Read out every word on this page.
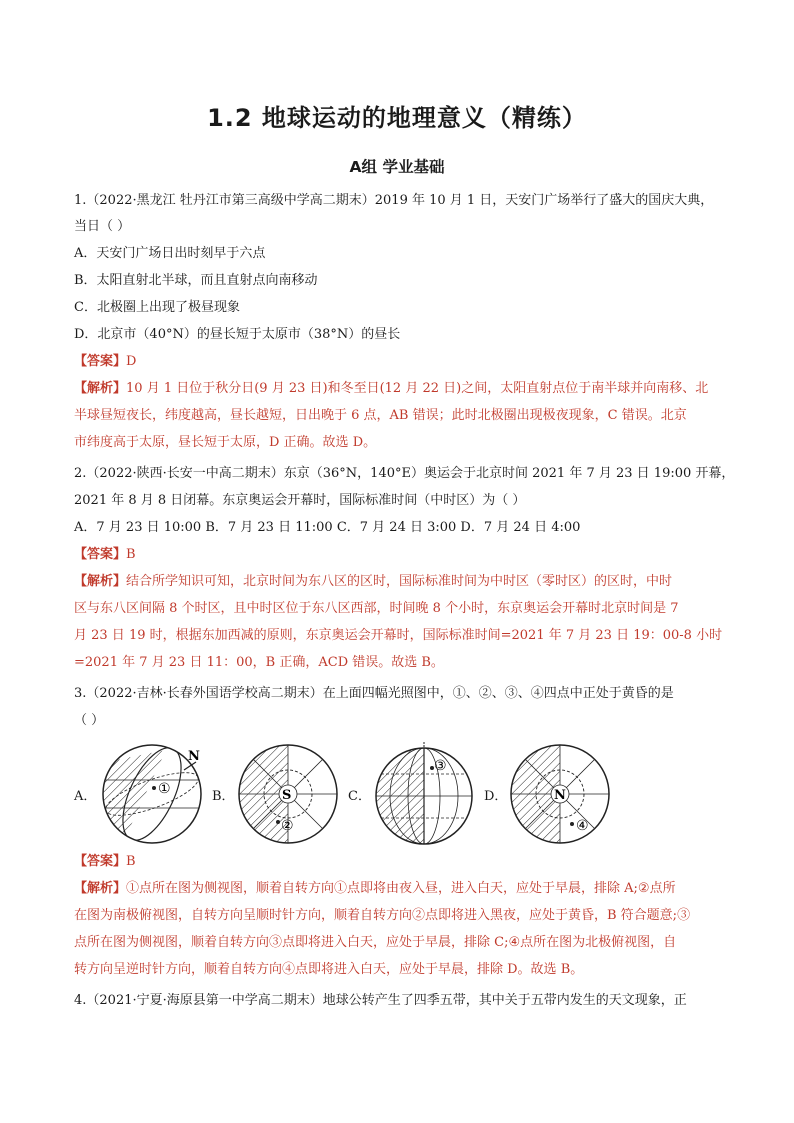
1.2 地球运动的地理意义（精练）
A组 学业基础
1.（2022·黑龙江 牡丹江市第三高级中学高二期末）2019 年 10 月 1 日，天安门广场举行了盛大的国庆大典，
当日（ ）
A．天安门广场日出时刻早于六点
B．太阳直射北半球，而且直射点向南移动
C．北极圈上出现了极昼现象
D．北京市（40°N）的昼长短于太原市（38°N）的昼长
【答案】D
【解析】10 月 1 日位于秋分日(9 月 23 日)和冬至日(12 月 22 日)之间，太阳直射点位于南半球并向南移、北
半球昼短夜长，纬度越高，昼长越短，日出晚于 6 点，AB 错误；此时北极圈出现极夜现象，C 错误。北京
市纬度高于太原，昼长短于太原，D 正确。故选 D。
2.（2022·陕西·长安一中高二期末）东京（36°N，140°E）奥运会于北京时间 2021 年 7 月 23 日 19:00 开幕，
2021 年 8 月 8 日闭幕。东京奥运会开幕时，国际标准时间（中时区）为（ ）
A．7 月 23 日 10:00 B．7 月 23 日 11:00 C．7 月 24 日 3:00 D．7 月 24 日 4:00
【答案】B
【解析】结合所学知识可知，北京时间为东八区的区时，国际标准时间为中时区（零时区）的区时，中时
区与东八区间隔 8 个时区，且中时区位于东八区西部，时间晚 8 个小时，东京奥运会开幕时北京时间是 7
月 23 日 19 时，根据东加西减的原则，东京奥运会开幕时，国际标准时间=2021 年 7 月 23 日 19：00-8 小时
=2021 年 7 月 23 日 11：00，B 正确，ACD 错误。故选 B。
3.（2022·吉林·长春外国语学校高二期末）在上面四幅光照图中，①、②、③、④四点中正处于黄昏的是
（ ）
A．
N
①	B．	S
②
C．
③
D．	N
④
【答案】B
【解析】①点所在图为侧视图，顺着自转方向①点即将由夜入昼，进入白天，应处于早晨，排除 A;②点所
在图为南极俯视图，自转方向呈顺时针方向，顺着自转方向②点即将进入黑夜，应处于黄昏，B 符合题意;③
点所在图为侧视图，顺着自转方向③点即将进入白天，应处于早晨，排除 C;④点所在图为北极俯视图，自
转方向呈逆时针方向，顺着自转方向④点即将进入白天，应处于早晨，排除 D。故选 B。
4.（2021·宁夏·海原县第一中学高二期末）地球公转产生了四季五带，其中关于五带内发生的天文现象，正
